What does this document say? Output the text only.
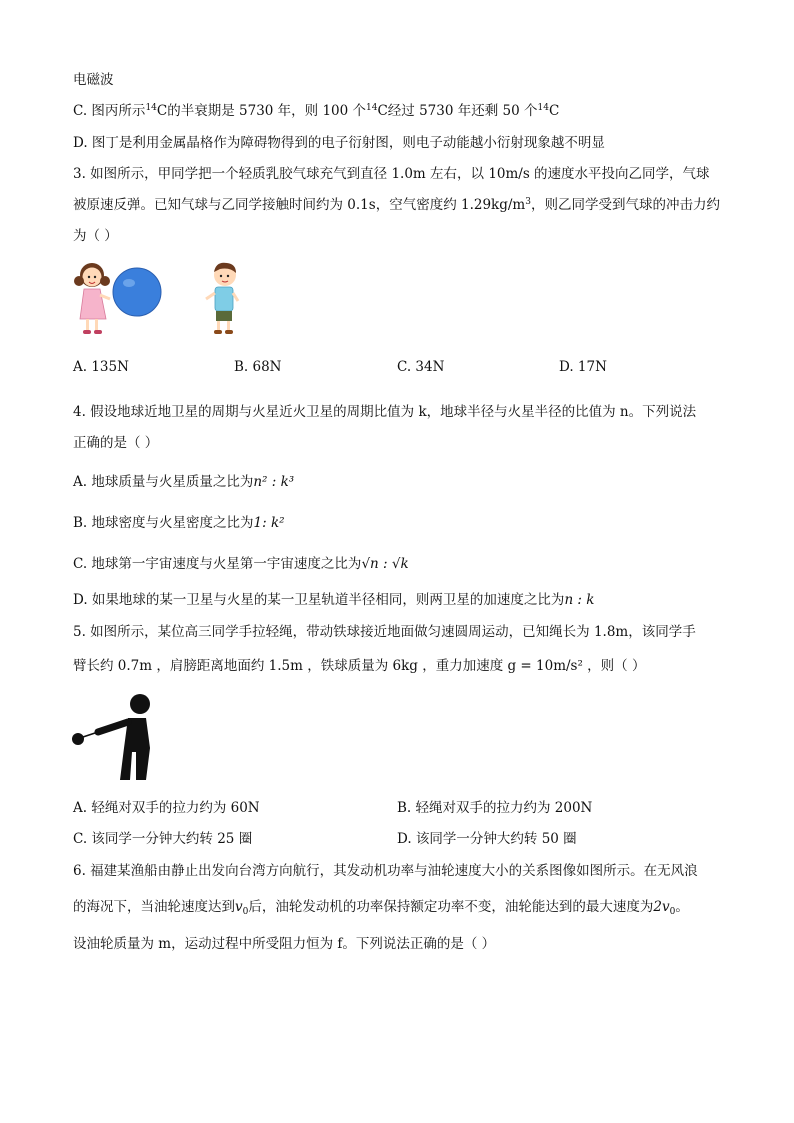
电磁波
C. 图丙所示$^{14}$C的半衰期是 5730 年，则 100 个$^{14}$C经过 5730 年还剩 50 个$^{14}$C
D. 图丁是利用金属晶格作为障碍物得到的电子衍射图，则电子动能越小衍射现象越不明显
3. 如图所示，甲同学把一个轻质乳胶气球充气到直径 1.0m 左右，以 10m/s 的速度水平投向乙同学，气球
被原速反弹。已知气球与乙同学接触时间约为 0.1s，空气密度约 $1.29kg/m^3$，则乙同学受到气球的冲击力约
为（ ）
A. 135N	B. 68N	C. 34N	D. 17N
4. 假设地球近地卫星的周期与火星近火卫星的周期比值为 k，地球半径与火星半径的比值为 n。下列说法
正确的是（ ）
A. 地球质量与火星质量之比为n² : k³
B. 地球密度与火星密度之比为1: k²
C. 地球第一宇宙速度与火星第一宇宙速度之比为√n : √k
D. 如果地球的某一卫星与火星的某一卫星轨道半径相同，则两卫星的加速度之比为n : k
5. 如图所示，某位高三同学手拉轻绳，带动铁球接近地面做匀速圆周运动，已知绳长为 1.8m，该同学手
臂长约 0.7m ，肩膀距离地面约 1.5m ，铁球质量为 6kg ，重力加速度 g = 10m/s² ，则（ ）
A. 轻绳对双手的拉力约为 60N	B. 轻绳对双手的拉力约为 200N
C. 该同学一分钟大约转 25 圈	D. 该同学一分钟大约转 50 圈
6. 福建某渔船由静止出发向台湾方向航行，其发动机功率与油轮速度大小的关系图像如图所示。在无风浪
的海况下，当油轮速度达到$v_0$后，油轮发动机的功率保持额定功率不变，油轮能达到的最大速度为$2v_0$。
设油轮质量为 m，运动过程中所受阻力恒为 f。下列说法正确的是（ ）
